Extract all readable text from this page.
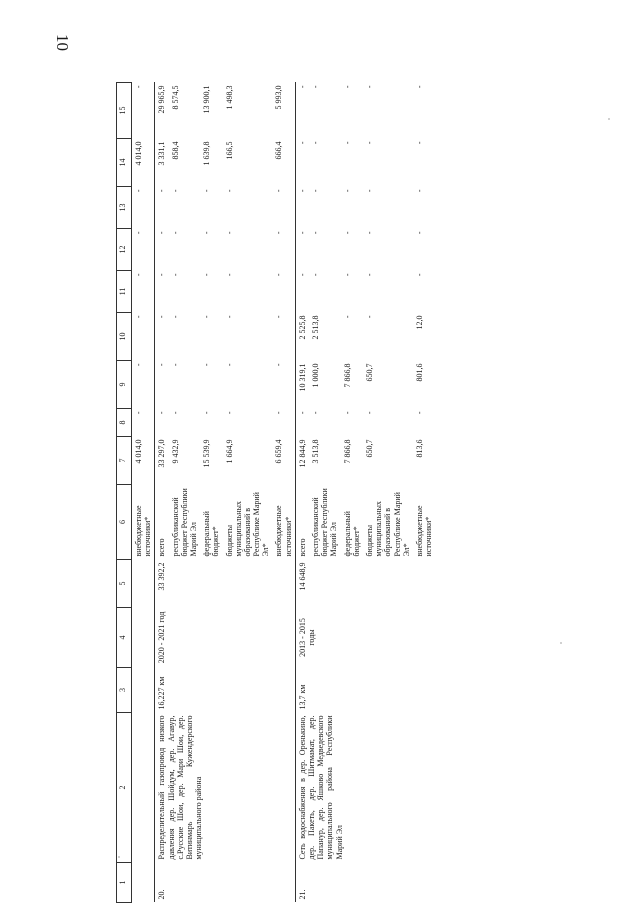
10
1	2	3	4	5	6	7	8	9	10	11	12	13	14	15
					внебюджетные источники*	4 014,0	-	-	-	-	-	-	4 014,0	-
20.	Распределительный газопровод низкого давления дер. Шойдум, дер. Агавур, с.Русские Шои, дер. Мари Шои, дер. Витинмарь Кужендерского муниципального района	16,227 км	2020 - 2021 год	33 392,2	всего	33 297,0	-	-	-	-	-	-	3 331,1	29 965,9
					республиканский бюджет Республики Марий Эл	9 432,9	-	-	-	-	-	-	858,4	8 574,5
					федеральный бюджет*	15 539,9	-	-	-	-	-	-	1 639,8	13 900,1
					бюджеты муниципальных образований в Республике Марий Эл*	1 664,9	-	-	-	-	-	-	166,5	1 498,3
					внебюджетные источники*	6 659,4	-	-	-	-	-	-	666,4	5 993,0
21.	Сеть водоснабжения в дер. Оренькино, дер. Пакеть, дер. Шитмамат, дер. Папанур, дер. Яшково Медведевского муниципального района Республики Марий Эл	13,7 км	2013 - 2015 годы	14 648,9	всего	12 844,9	-	10 319,1	2 525,8	-	-	-	-	-
					республиканский бюджет Республики Марий Эл	3 513,8	-	1 000,0	2 513,8	-	-	-	-	-
					федеральный бюджет*	7 866,8	-	7 866,8	-	-	-	-	-	-
					бюджеты муниципальных образований в Республике Марий Эл*	650,7	-	650,7	-	-	-	-	-	-
					внебюджетные источники*	813,6	-	801,6	12,0	-	-	-	-	-
